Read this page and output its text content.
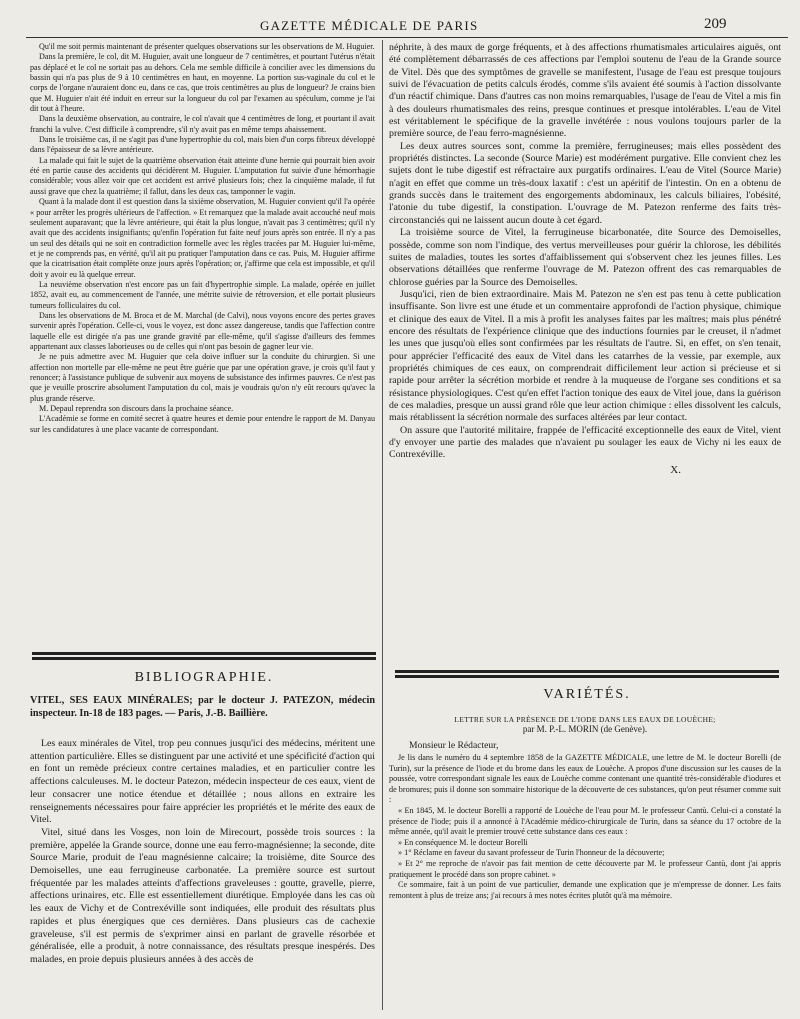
GAZETTE MÉDICALE DE PARIS	209

Qu'il me soit permis maintenant de présenter quelques observations sur les observations de M. Huguier.

Dans la première, le col, dit M. Huguier, avait une longueur de 7 centimètres, et pourtant l'utérus n'était pas déplacé et le col ne sortait pas au dehors. Cela me semble difficile à concilier avec les dimensions du bassin qui n'a pas plus de 9 à 10 centimètres en haut, en moyenne. La portion sus-vaginale du col et le corps de l'organe n'auraient donc eu, dans ce cas, que trois centimètres au plus de longueur? Je crains bien que M. Huguier n'ait été induit en erreur sur la longueur du col par l'examen au spéculum, comme je l'ai dit tout à l'heure.

Dans la deuxième observation, au contraire, le col n'avait que 4 centimètres de long, et pourtant il avait franchi la vulve. C'est difficile à comprendre, s'il n'y avait pas en même temps abaissement.

Dans le troisième cas, il ne s'agit pas d'une hypertrophie du col, mais bien d'un corps fibreux développé dans l'épaisseur de sa lèvre antérieure.

La malade qui fait le sujet de la quatrième observation était atteinte d'une hernie qui pourrait bien avoir été en partie cause des accidents qui décidèrent M. Huguier. L'amputation fut suivie d'une hémorrhagie considérable; vous allez voir que cet accident est arrivé plusieurs fois; chez la cinquième malade, il fut aussi grave que chez la quatrième; il fallut, dans les deux cas, tamponner le vagin.

Quant à la malade dont il est question dans la sixième observation, M. Huguier convient qu'il l'a opérée « pour arrêter les progrès ultérieurs de l'affection. » Et remarquez que la malade avait accouché neuf mois seulement auparavant; que la lèvre antérieure, qui était la plus longue, n'avait pas 3 centimètres; qu'il n'y avait que des accidents insignifiants; qu'enfin l'opération fut faite neuf jours après son entrée. Il n'y a pas un seul des détails qui ne soit en contradiction formelle avec les règles tracées par M. Huguier lui-même, et je ne comprends pas, en vérité, qu'il ait pu pratiquer l'amputation dans ce cas. Puis, M. Huguier affirme que la cicatrisation était complète onze jours après l'opération; or, j'affirme que cela est impossible, et qu'il doit y avoir eu là quelque erreur.

La neuvième observation n'est encore pas un fait d'hypertrophie simple. La malade, opérée en juillet 1852, avait eu, au commencement de l'année, une métrite suivie de rétroversion, et elle portait plusieurs tumeurs folliculaires du col.

Dans les observations de M. Broca et de M. Marchal (de Calvi), nous voyons encore des pertes graves survenir après l'opération. Celle-ci, vous le voyez, est donc assez dangereuse, tandis que l'affection contre laquelle elle est dirigée n'a pas une grande gravité par elle-même, qu'il s'agisse d'ailleurs des femmes appartenant aux classes laborieuses ou de celles qui n'ont pas besoin de gagner leur vie.

Je ne puis admettre avec M. Huguier que cela doive influer sur la conduite du chirurgien. Si une affection non mortelle par elle-même ne peut être guérie que par une opération grave, je crois qu'il faut y renoncer; à l'assistance publique de subvenir aux moyens de subsistance des infirmes pauvres. Ce n'est pas que je veuille proscrire absolument l'amputation du col, mais je voudrais qu'on n'y eût recours qu'avec la plus grande réserve.

M. Depaul reprendra son discours dans la prochaine séance.

L'Académie se forme en comité secret à quatre heures et demie pour entendre le rapport de M. Danyau sur les candidatures à une place vacante de correspondant.

néphrite, à des maux de gorge fréquents, et à des affections rhumatismales articulaires aiguës, ont été complètement débarrassés de ces affections par l'emploi soutenu de l'eau de la Grande source de Vitel. Dès que des symptômes de gravelle se manifestent, l'usage de l'eau est presque toujours suivi de l'évacuation de petits calculs érodés, comme s'ils avaient été soumis à l'action dissolvante d'un réactif chimique. Dans d'autres cas non moins remarquables, l'usage de l'eau de Vitel a mis fin à des douleurs rhumatismales des reins, presque continues et presque intolérables. L'eau de Vitel est véritablement le spécifique de la gravelle invétérée : nous voulons toujours parler de la première source, de l'eau ferro-magnésienne.

Les deux autres sources sont, comme la première, ferrugineuses; mais elles possèdent des propriétés distinctes. La seconde (Source Marie) est modérément purgative. Elle convient chez les sujets dont le tube digestif est réfractaire aux purgatifs ordinaires. L'eau de Vitel (Source Marie) n'agit en effet que comme un très-doux laxatif : c'est un apéritif de l'intestin. On en a obtenu de grands succès dans le traitement des engorgements abdominaux, les calculs biliaires, l'obésité, l'atonie du tube digestif, la constipation. L'ouvrage de M. Patezon renferme des faits très-circonstanciés qui ne laissent aucun doute à cet égard.

La troisième source de Vitel, la ferrugineuse bicarbonatée, dite Source des Demoiselles, possède, comme son nom l'indique, des vertus merveilleuses pour guérir la chlorose, les débilités suites de maladies, toutes les sortes d'affaiblissement qui s'observent chez les jeunes filles. Les observations détaillées que renferme l'ouvrage de M. Patezon offrent des cas remarquables de chlorose guéries par la Source des Demoiselles.

Jusqu'ici, rien de bien extraordinaire. Mais M. Patezon ne s'en est pas tenu à cette publication insuffisante. Son livre est une étude et un commentaire approfondi de l'action physique, chimique et clinique des eaux de Vitel. Il a mis à profit les analyses faites par les maîtres; mais plus pénétré encore des résultats de l'expérience clinique que des inductions fournies par le creuset, il n'admet les unes que jusqu'où elles sont confirmées par les résultats de l'autre. Si, en effet, on s'en tenait, pour apprécier l'efficacité des eaux de Vitel dans les catarrhes de la vessie, par exemple, aux propriétés chimiques de ces eaux, on comprendrait difficilement leur action si précieuse et si rapide pour arrêter la sécrétion morbide et rendre à la muqueuse de l'organe ses conditions et sa résistance physiologiques. C'est qu'en effet l'action tonique des eaux de Vitel joue, dans la guérison de ces maladies, presque un aussi grand rôle que leur action chimique : elles dissolvent les calculs, mais rétablissent la sécrétion normale des surfaces altérées par leur contact.

On assure que l'autorité militaire, frappée de l'efficacité exceptionnelle des eaux de Vitel, vient d'y envoyer une partie des malades que n'avaient pu soulager les eaux de Vichy ni les eaux de Contrexéville.

X.
BIBLIOGRAPHIE.
VITEL, SES EAUX MINÉRALES; par le docteur J. PATEZON, médecin inspecteur. In-18 de 183 pages. — Paris, J.-B. Baillière.

Les eaux minérales de Vitel, trop peu connues jusqu'ici des médecins, méritent une attention particulière. Elles se distinguent par une activité et une spécificité d'action qui en font un remède précieux contre certaines maladies, et en particulier contre les affections calculeuses. M. le docteur Patezon, médecin inspecteur de ces eaux, vient de leur consacrer une notice étendue et détaillée ; nous allons en extraire les renseignements nécessaires pour faire apprécier les propriétés et le mérite des eaux de Vitel.

Vitel, situé dans les Vosges, non loin de Mirecourt, possède trois sources : la première, appelée la Grande source, donne une eau ferro-magnésienne; la seconde, dite Source Marie, produit de l'eau magnésienne calcaire; la troisième, dite Source des Demoiselles, une eau ferrugineuse carbonatée. La première source est surtout fréquentée par les malades atteints d'affections graveleuses : goutte, gravelle, pierre, affections urinaires, etc. Elle est essentiellement diurétique. Employée dans les cas où les eaux de Vichy et de Contrexéville sont indiquées, elle produit des résultats plus rapides et plus énergiques que ces dernières. Dans plusieurs cas de cachexie graveleuse, s'il est permis de s'exprimer ainsi en parlant de gravelle résorbée et généralisée, elle a produit, à notre connaissance, des résultats presque inespérés. Des malades, en proie depuis plusieurs années à des accès de

VARIÉTÉS.
LETTRE SUR LA PRÉSENCE DE L'IODE DANS LES EAUX DE LOUÈCHE;
par M. P.-L. MORIN (de Genève).
Monsieur le Rédacteur,

Je lis dans le numéro du 4 septembre 1858 de la GAZETTE MÉDICALE, une lettre de M. le docteur Borelli (de Turin), sur la présence de l'iode et du brome dans les eaux de Louèche. A propos d'une discussion sur les causes de la poussée, votre correspondant signale les eaux de Louèche comme contenant une quantité très-considérable d'iodures et de bromures; puis il donne son sommaire historique de la découverte de ces substances, qu'on peut résumer comme suit :

« En 1845, M. le docteur Borelli a rapporté de Louèche de l'eau pour M. le professeur Cantù. Celui-ci a constaté la présence de l'iode; puis il a annoncé à l'Académie médico-chirurgicale de Turin, dans sa séance du 17 octobre de la même année, qu'il avait le premier trouvé cette substance dans ces eaux :

» En conséquence M. le docteur Borelli

» 1° Réclame en faveur du savant professeur de Turin l'honneur de la découverte;

» Et 2° me reproche de n'avoir pas fait mention de cette découverte par M. le professeur Cantù, dont j'ai appris pratiquement le procédé dans son propre cabinet. »

Ce sommaire, fait à un point de vue particulier, demande une explication que je m'empresse de donner. Les faits remontent à plus de treize ans; j'ai recours à mes notes écrites plutôt qu'à ma mémoire.
